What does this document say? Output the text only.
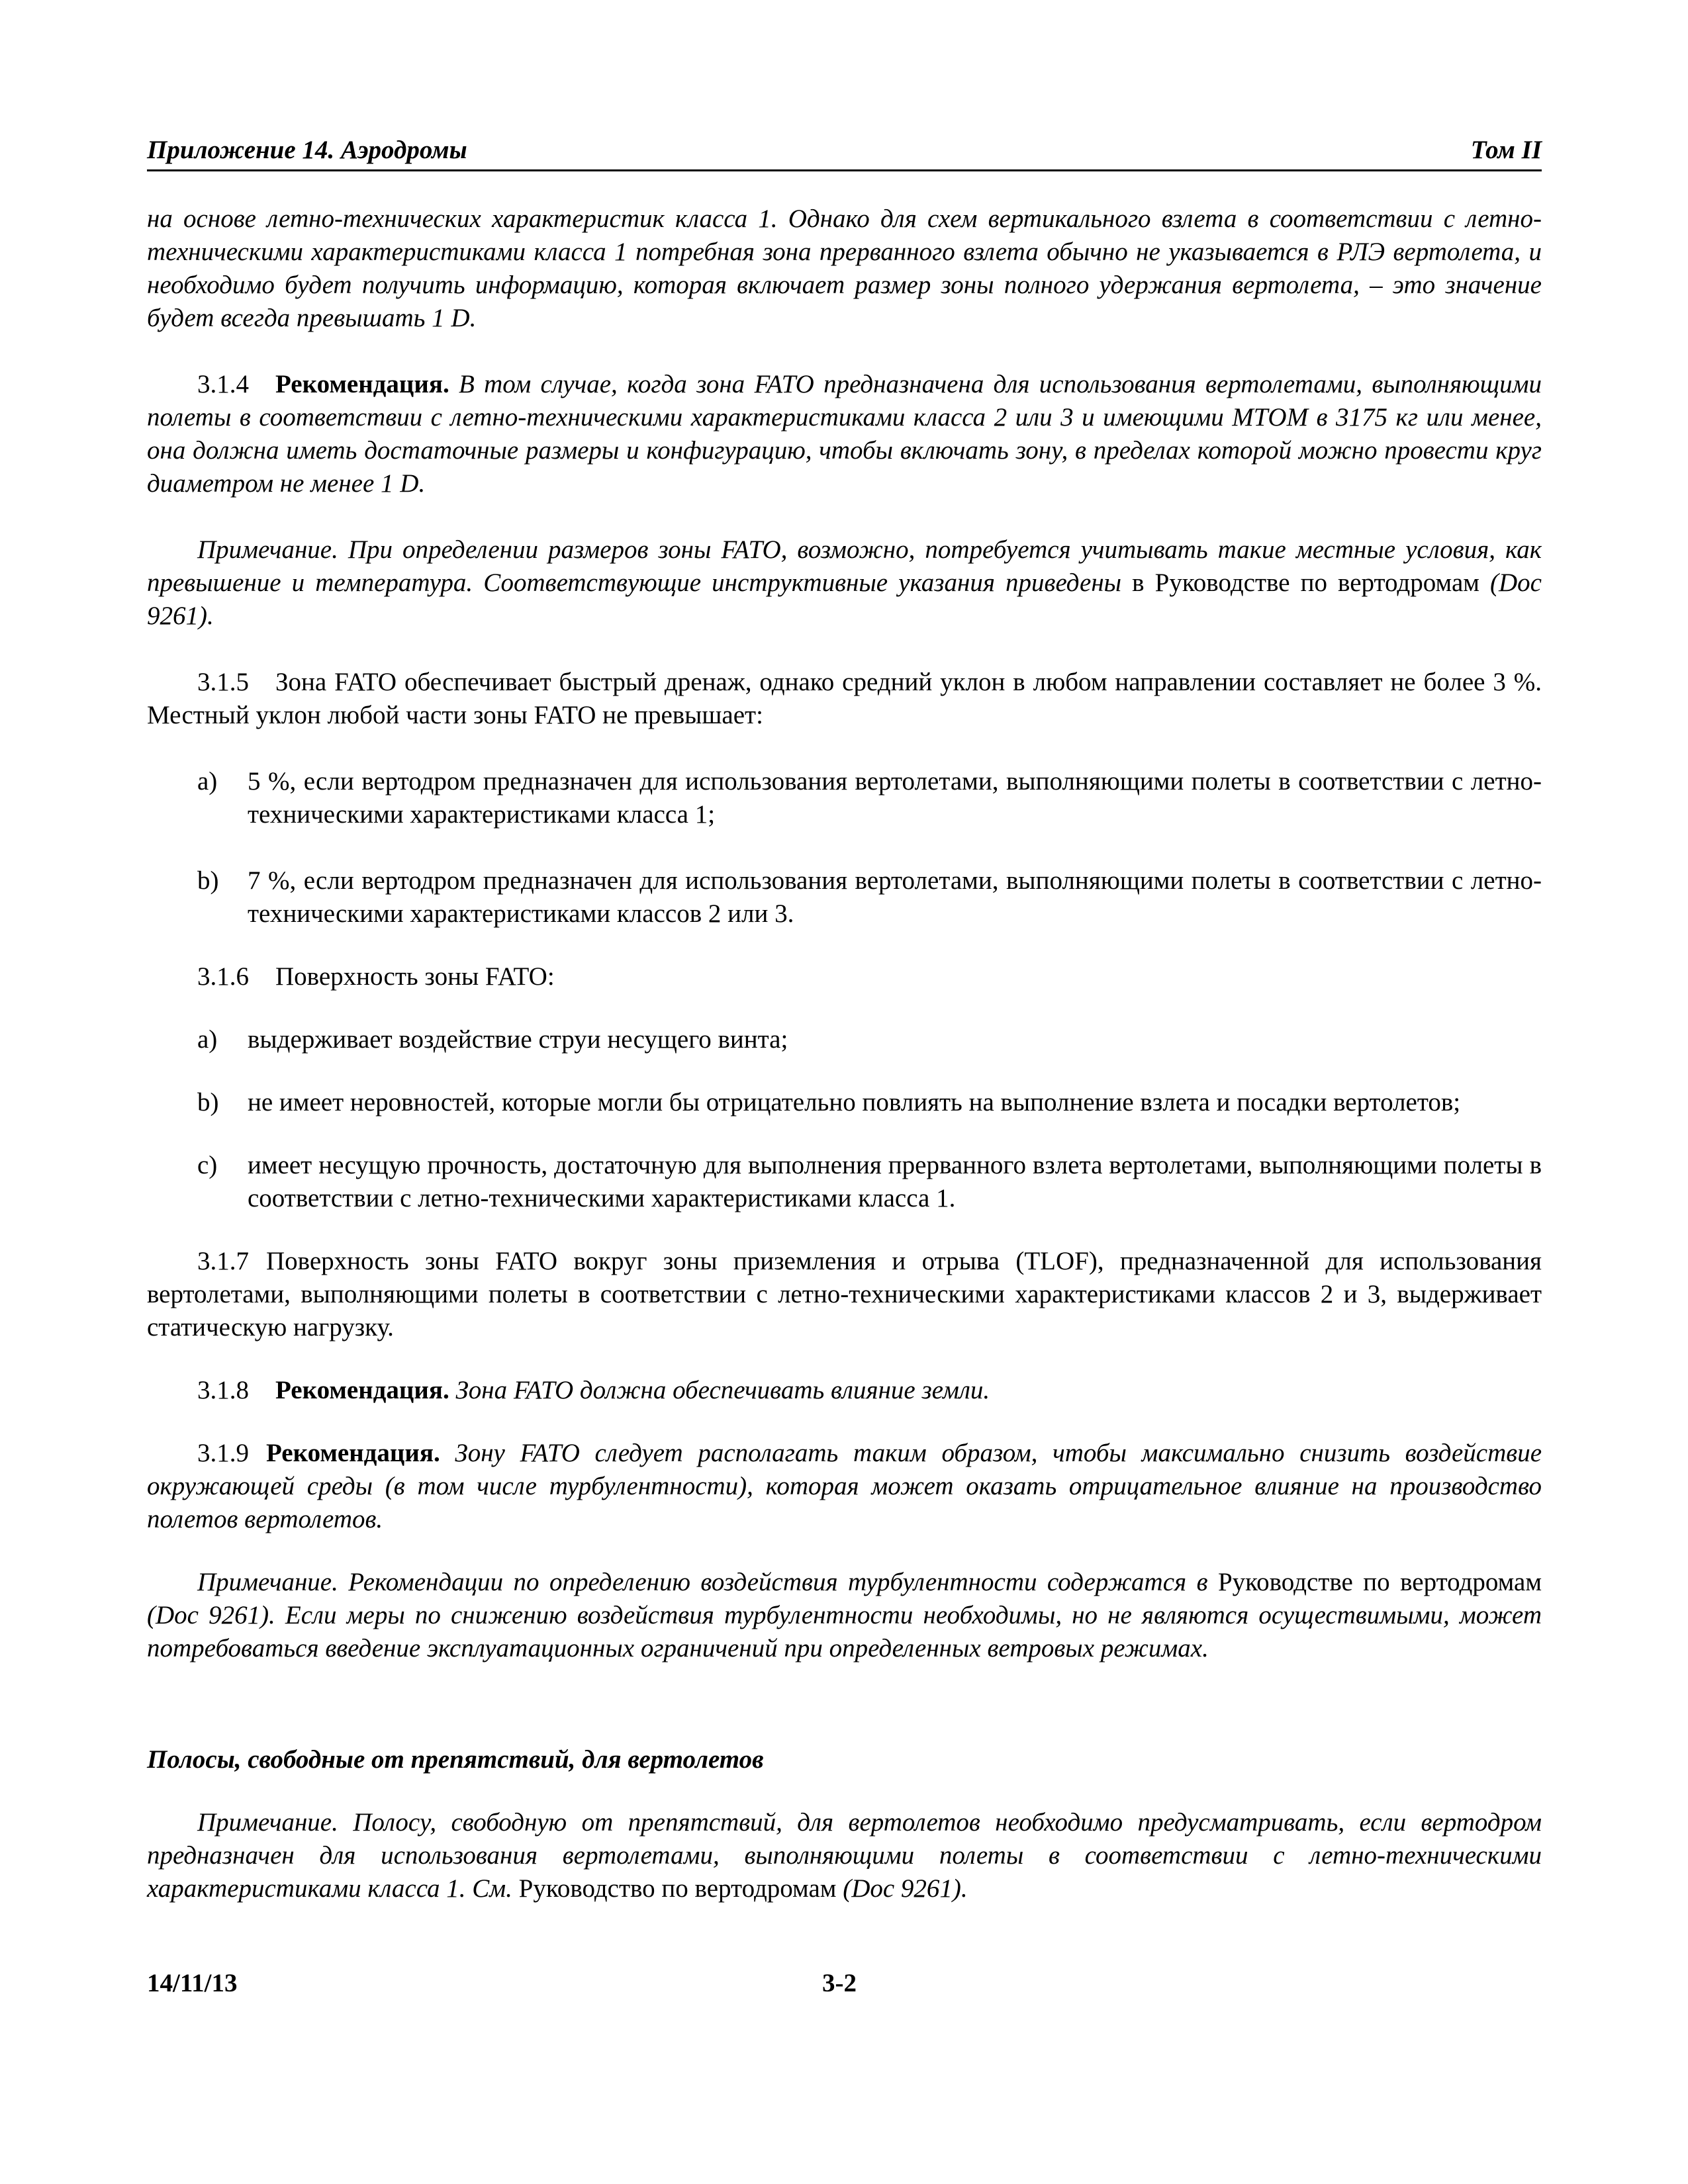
Приложение 14. Аэродромы	Том II

на основе летно-технических характеристик класса 1. Однако для схем вертикального взлета в соответствии с летно-техническими характеристиками класса 1 потребная зона прерванного взлета обычно не указывается в РЛЭ вертолета, и необходимо будет получить информацию, которая включает размер зоны полного удержания вертолета, – это значение будет всегда превышать 1 D.

3.1.4 Рекомендация. В том случае, когда зона FATO предназначена для использования вертолетами, выполняющими полеты в соответствии с летно-техническими характеристиками класса 2 или 3 и имеющими МТОМ в 3175 кг или менее, она должна иметь достаточные размеры и конфигурацию, чтобы включать зону, в пределах которой можно провести круг диаметром не менее 1 D.

Примечание. При определении размеров зоны FATO, возможно, потребуется учитывать такие местные условия, как превышение и температура. Соответствующие инструктивные указания приведены в Руководстве по вертодромам (Doc 9261).

3.1.5 Зона FATO обеспечивает быстрый дренаж, однако средний уклон в любом направлении составляет не более 3 %. Местный уклон любой части зоны FATO не превышает:

a) 5 %, если вертодром предназначен для использования вертолетами, выполняющими полеты в соответствии с летно-техническими характеристиками класса 1;
b) 7 %, если вертодром предназначен для использования вертолетами, выполняющими полеты в соответствии с летно-техническими характеристиками классов 2 или 3.

3.1.6 Поверхность зоны FATO:

a) выдерживает воздействие струи несущего винта;
b) не имеет неровностей, которые могли бы отрицательно повлиять на выполнение взлета и посадки вертолетов;
c) имеет несущую прочность, достаточную для выполнения прерванного взлета вертолетами, выполняющими полеты в соответствии с летно-техническими характеристиками класса 1.

3.1.7 Поверхность зоны FATO вокруг зоны приземления и отрыва (TLOF), предназначенной для использования вертолетами, выполняющими полеты в соответствии с летно-техническими характеристиками классов 2 и 3, выдерживает статическую нагрузку.

3.1.8 Рекомендация. Зона FATO должна обеспечивать влияние земли.

3.1.9 Рекомендация. Зону FATO следует располагать таким образом, чтобы максимально снизить воздействие окружающей среды (в том числе турбулентности), которая может оказать отрицательное влияние на производство полетов вертолетов.

Примечание. Рекомендации по определению воздействия турбулентности содержатся в Руководстве по вертодромам (Doc 9261). Если меры по снижению воздействия турбулентности необходимы, но не являются осуществимыми, может потребоваться введение эксплуатационных ограничений при определенных ветровых режимах.

Полосы, свободные от препятствий, для вертолетов

Примечание. Полосу, свободную от препятствий, для вертолетов необходимо предусматривать, если вертодром предназначен для использования вертолетами, выполняющими полеты в соответствии с летно-техническими характеристиками класса 1. См. Руководство по вертодромам (Doc 9261).

14/11/13	3-2
